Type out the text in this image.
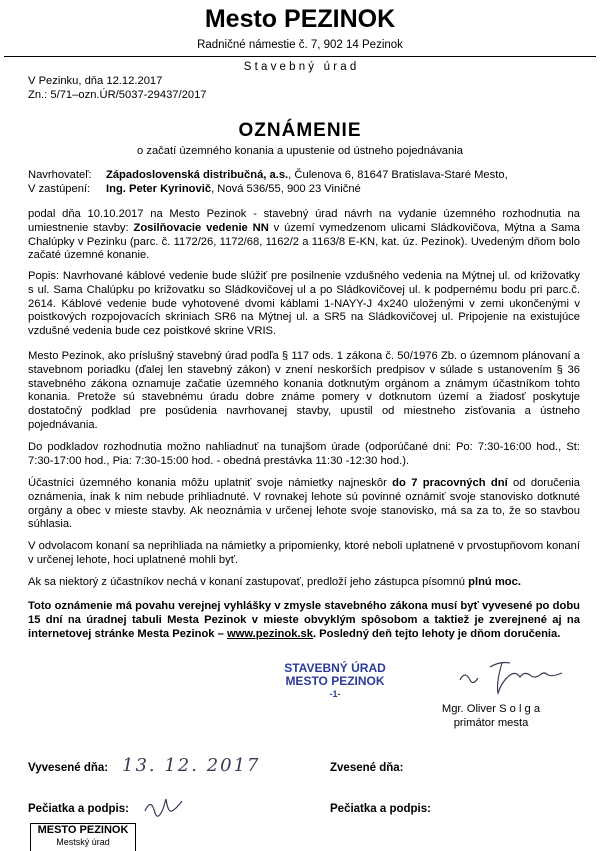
Mesto PEZINOK
Radničné námestie č. 7, 902 14 Pezinok
S t a v e b n ý   ú r a d
V Pezinku, dňa 12.12.2017
Zn.: 5/71–ozn.ÚR/5037-29437/2017
OZNÁMENIE
o začatí územného konania a upustenie od ústneho pojednávania
Navrhovateľ: Západoslovenská distribučná, a.s., Čulenova 6, 81647 Bratislava-Staré Mesto,
V zastúpení: Ing. Peter Kyrinovič, Nová 536/55, 900 23 Viničné
podal dňa 10.10.2017 na Mesto Pezinok - stavebný úrad návrh na vydanie územného rozhodnutia na umiestnenie stavby: Zosilňovacie vedenie NN v území vymedzenom ulicami Sládkovičova, Mýtna a Sama Chalúpky v Pezinku (parc. č. 1172/26, 1172/68, 1162/2 a 1163/8 E-KN, kat. úz. Pezinok). Uvedeným dňom bolo začaté územné konanie.
Popis: Navrhované káblové vedenie bude slúžiť pre posilnenie vzdušného vedenia na Mýtnej ul. od križovatky s ul. Sama Chalúpku po križovatku so Sládkovičovej ul a po Sládkovičovej ul. k podpernému bodu pri parc.č. 2614. Káblové vedenie bude vyhotovené dvomi káblami 1-NAYY-J 4x240 uloženými v zemi ukončenými v poistkových rozpojovacích skriniach SR6 na Mýtnej ul. a SR5 na Sládkovičovej ul. Pripojenie na existujúce vzdušné vedenia bude cez poistkové skrine VRIS.
Mesto Pezinok, ako príslušný stavebný úrad podľa § 117 ods. 1 zákona č. 50/1976 Zb. o územnom plánovaní a stavebnom poriadku (ďalej len stavebný zákon) v znení neskorších predpisov v súlade s ustanovením § 36 stavebného zákona oznamuje začatie územného konania dotknutým orgánom a známym účastníkom tohto konania. Pretože sú stavebnému úradu dobre známe pomery v dotknutom území a žiadosť poskytuje dostatočný podklad pre posúdenia navrhovanej stavby, upustil od miestneho zisťovania a ústneho pojednávania.
Do podkladov rozhodnutia možno nahliadnuť na tunajšom úrade (odporúčané dni: Po: 7:30-16:00 hod., St: 7:30-17:00 hod., Pia: 7:30-15:00 hod. - obedná prestávka 11:30 -12:30 hod.).
Účastníci územného konania môžu uplatniť svoje námietky najneskôr do 7 pracovných dní od doručenia oznámenia, inak k nim nebude prihliadnuté. V rovnakej lehote sú povinné oznámiť svoje stanovisko dotknuté orgány a obec v mieste stavby. Ak neoznámia v určenej lehote svoje stanovisko, má sa za to, že so stavbou súhlasia.
V odvolacom konaní sa neprihliada na námietky a pripomienky, ktoré neboli uplatnené v prvostupňovom konaní v určenej lehote, hoci uplatnené mohli byť.
Ak sa niektorý z účastníkov nechá v konaní zastupovať, predloží jeho zástupca písomnú plnú moc.
Toto oznámenie má povahu verejnej vyhlášky v zmysle stavebného zákona musí byť vyvesené po dobu 15 dní na úradnej tabuli Mesta Pezinok v mieste obvyklým spôsobom a taktiež je zverejnené aj na internetovej stránke Mesta Pezinok – www.pezinok.sk. Posledný deň tejto lehoty je dňom doručenia.
STAVEBNÝ ÚRAD
MESTO PEZINOK
-1-
Mgr. Oliver S o l g a
primátor mesta
Vyvesené dňa: 13. 12. 2017	Zvesené dňa:
Pečiatka a podpis:	Pečiatka a podpis:
MESTO PEZINOK
Mestský úrad
